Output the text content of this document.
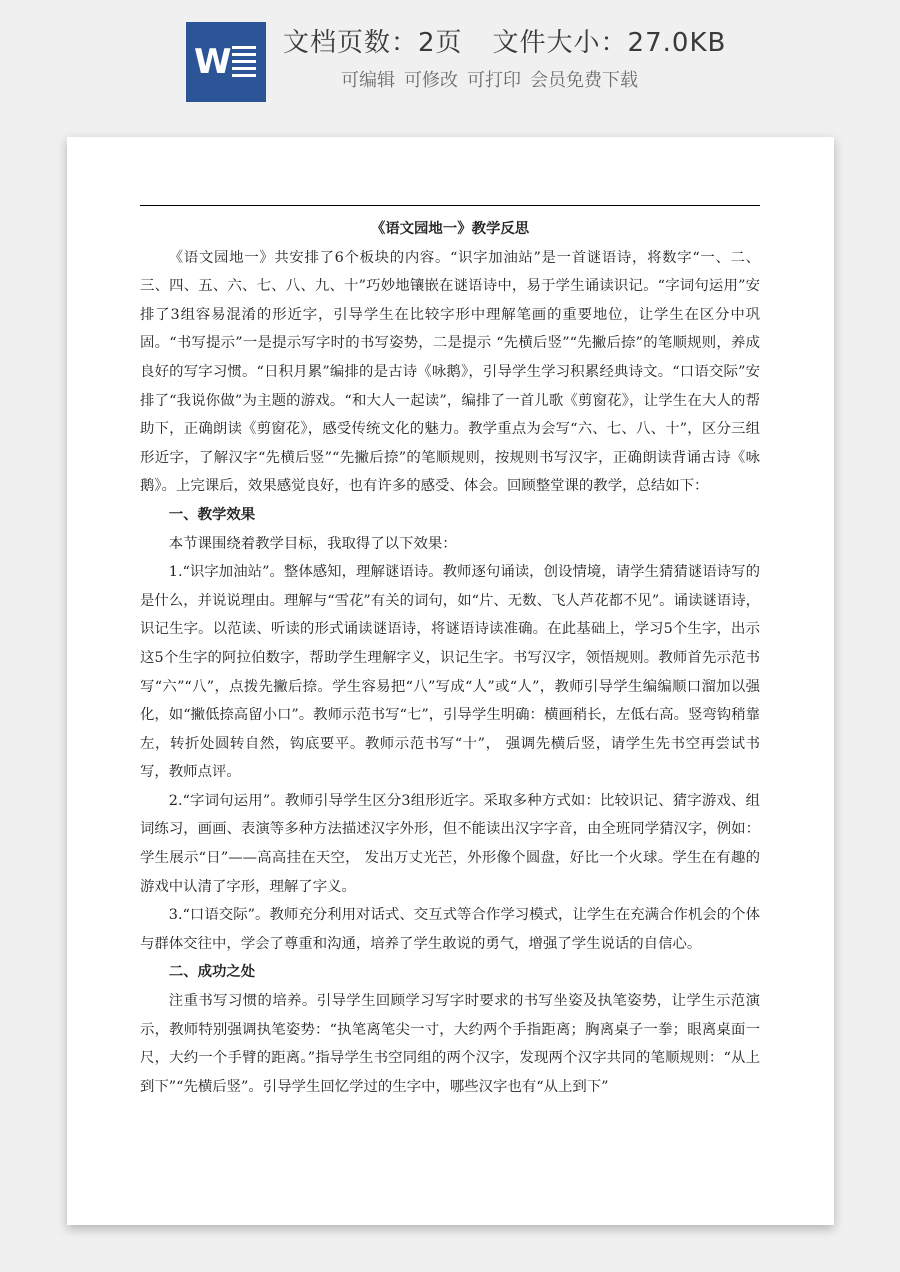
W 文档页数：2页 文件大小：27.0KB
可编辑 可修改 可打印 会员免费下载

《语文园地一》教学反思

《语文园地一》共安排了6个板块的内容。“识字加油站”是一首谜语诗，将数字“一、二、三、四、五、六、七、八、九、十”巧妙地镶嵌在谜语诗中，易于学生诵读识记。“字词句运用”安排了3组容易混淆的形近字，引导学生在比较字形中理解笔画的重要地位，让学生在区分中巩固。“书写提示”一是提示写字时的书写姿势，二是提示 “先横后竖”“先撇后捺”的笔顺规则，养成良好的写字习惯。“日积月累”编排的是古诗《咏鹅》，引导学生学习积累经典诗文。“口语交际”安排了“我说你做”为主题的游戏。“和大人一起读”，编排了一首儿歌《剪窗花》，让学生在大人的帮助下，正确朗读《剪窗花》，感受传统文化的魅力。教学重点为会写“六、七、八、十”，区分三组形近字，了解汉字“先横后竖”“先撇后捺”的笔顺规则，按规则书写汉字，正确朗读背诵古诗《咏鹅》。上完课后，效果感觉良好，也有许多的感受、体会。回顾整堂课的教学，总结如下：

一、教学效果

本节课围绕着教学目标，我取得了以下效果：

1.“识字加油站”。整体感知，理解谜语诗。教师逐句诵读，创设情境，请学生猜猜谜语诗写的是什么，并说说理由。理解与“雪花”有关的词句，如“片、无数、飞人芦花都不见”。诵读谜语诗，识记生字。以范读、听读的形式诵读谜语诗，将谜语诗读准确。在此基础上，学习5个生字，出示这5个生字的阿拉伯数字，帮助学生理解字义，识记生字。书写汉字，领悟规则。教师首先示范书写“六”“八”，点拨先撇后捺。学生容易把“八”写成“人”或“人”，教师引导学生编编顺口溜加以强化，如“撇低捺高留小口”。教师示范书写“七”，引导学生明确：横画稍长，左低右高。竖弯钩稍靠左，转折处圆转自然，钩底要平。教师示范书写“十”， 强调先横后竖，请学生先书空再尝试书写，教师点评。

2.“字词句运用”。教师引导学生区分3组形近字。采取多种方式如：比较识记、猜字游戏、组词练习，画画、表演等多种方法描述汉字外形，但不能读出汉字字音，由全班同学猜汉字，例如：学生展示“日”——高高挂在天空， 发出万丈光芒，外形像个圆盘，好比一个火球。学生在有趣的游戏中认清了字形，理解了字义。

3.“口语交际”。教师充分利用对话式、交互式等合作学习模式，让学生在充满合作机会的个体与群体交往中，学会了尊重和沟通，培养了学生敢说的勇气，增强了学生说话的自信心。

二、成功之处

注重书写习惯的培养。引导学生回顾学习写字时要求的书写坐姿及执笔姿势，让学生示范演示，教师特别强调执笔姿势：“执笔离笔尖一寸，大约两个手指距离；胸离桌子一拳；眼离桌面一尺，大约一个手臂的距离。”指导学生书空同组的两个汉字，发现两个汉字共同的笔顺规则：“从上到下”“先横后竖”。引导学生回忆学过的生字中，哪些汉字也有“从上到下”
